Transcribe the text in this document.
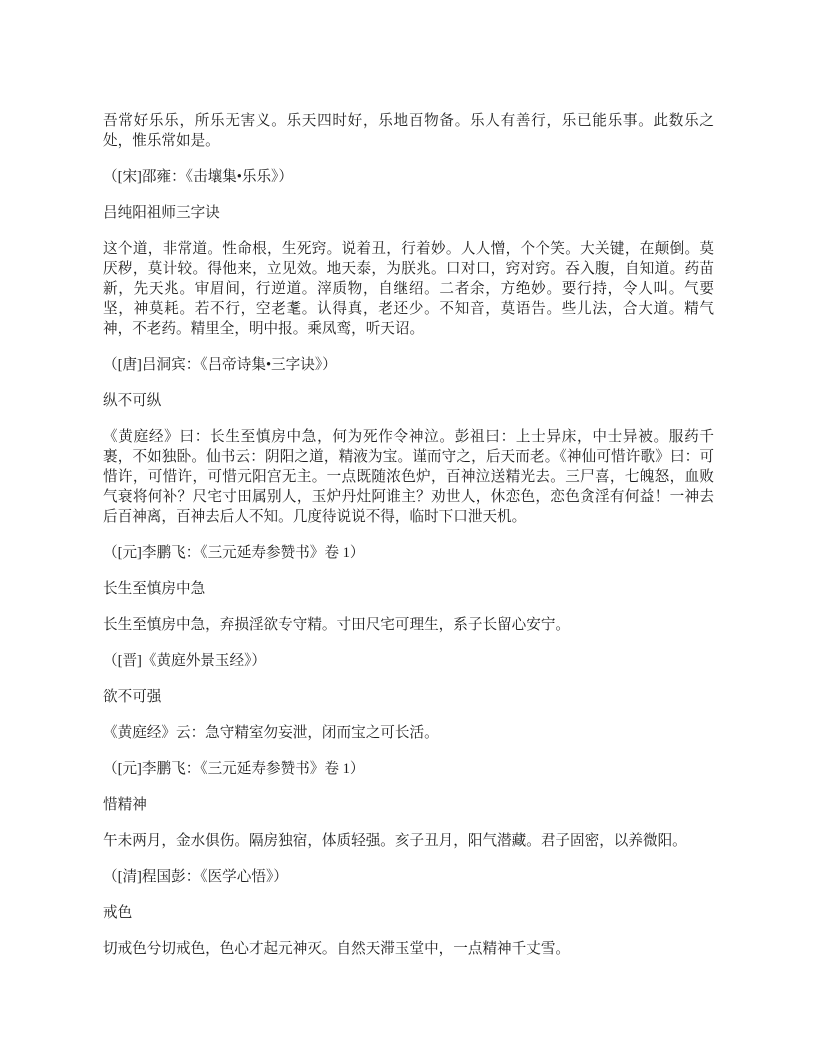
吾常好乐乐，所乐无害义。乐天四时好，乐地百物备。乐人有善行，乐已能乐事。此数乐之处，惟乐常如是。

（[宋]邵雍：《击壤集•乐乐》）

吕纯阳祖师三字诀

这个道，非常道。性命根，生死窍。说着丑，行着妙。人人憎，个个笑。大关键，在颠倒。莫厌秽，莫计较。得他来，立见效。地天泰，为朕兆。口对口，窍对窍。吞入腹，自知道。药苗新，先天兆。审眉间，行逆道。滓质物，自继绍。二者余，方绝妙。要行持，令人叫。气要坚，神莫耗。若不行，空老耄。认得真，老还少。不知音，莫语告。些儿法，合大道。精气神，不老药。精里全，明中报。乘凤鸾，听天诏。

（[唐]吕洞宾：《吕帝诗集•三字诀》）

纵不可纵

《黄庭经》曰：长生至慎房中急，何为死作令神泣。彭祖曰：上士异床，中士异被。服药千裹，不如独卧。仙书云：阴阳之道，精液为宝。谨而守之，后天而老。《神仙可惜许歌》曰：可惜许，可惜许，可惜元阳宫无主。一点既随浓色炉，百神泣送精光去。三尸喜，七魄怒，血败气衰将何补？尺宅寸田属别人，玉炉丹灶阿谁主？劝世人，休恋色，恋色贪淫有何益！一神去后百神离，百神去后人不知。几度待说说不得，临时下口泄天机。

（[元]李鹏飞：《三元延寿参赞书》卷 1）

长生至慎房中急

长生至慎房中急，弃损淫欲专守精。寸田尺宅可理生，系子长留心安宁。

（[晋]《黄庭外景玉经》）

欲不可强

《黄庭经》云：急守精室勿妄泄，闭而宝之可长活。

（[元]李鹏飞：《三元延寿参赞书》卷 1）

惜精神

午未两月，金水俱伤。隔房独宿，体质轻强。亥子丑月，阳气潜藏。君子固密，以养微阳。

（[清]程国彭：《医学心悟》）

戒色

切戒色兮切戒色，色心才起元神灭。自然天滞玉堂中，一点精神千丈雪。
